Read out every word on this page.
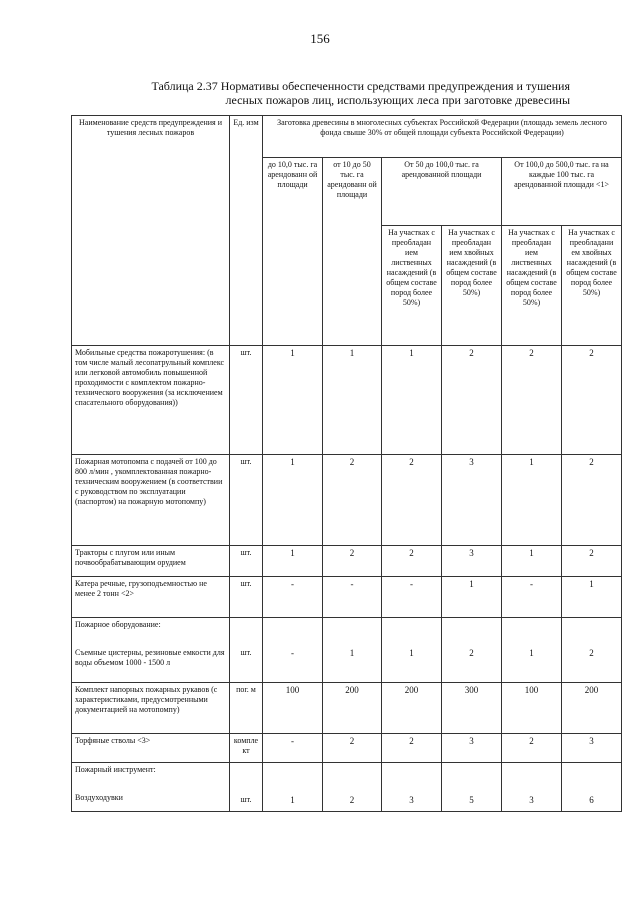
156
Таблица 2.37 Нормативы обеспеченности средствами предупреждения и тушения
лесных пожаров лиц, использующих леса при заготовке древесины
Наименование средств предупреждения и тушения лесных пожаров	Ед. изм	Заготовка древесины в многолесных субъектах Российской Федерации (площадь земель лесного фонда свыше 30% от общей площади субъекта Российской Федерации)					
		до 10,0 тыс. га арендованн ой площади	от 10 до 50 тыс. га арендованн ой площади	От 50 до 100,0 тыс. га арендованной площади		От 100,0 до 500,0 тыс. га на каждые 100 тыс. га арендованной площади <1>	
				На участках с преобладан ием лиственных насаждений (в общем составе пород более 50%)	На участках с преобладан ием хвойных насаждений (в общем составе пород более 50%)	На участках с преобладан ием лиственных насаждений (в общем составе пород более 50%)	На участках с преобладани ем хвойных насаждений (в общем составе пород более 50%)
Мобильные средства пожаротушения: (в том числе малый лесопатрульный комплекс или легковой автомобиль повышенной проходимости с комплектом пожарно-технического вооружения (за исключением спасательного оборудования))	шт.	1	1	1	2	2	2
Пожарная мотопомпа с подачей от 100 до 800 л/мин , укомплектованная пожарно-техническим вооружением (в соответствии с руководством по эксплуатации (паспортом) на пожарную мотопомпу)	шт.	1	2	2	3	1	2
Тракторы с плугом или иным почвообрабатывающим орудием	шт.	1	2	2	3	1	2
Катера речные, грузоподъемностью не менее 2 тонн <2>	шт.	-	-	-	1	-	1
Пожарное оборудование:
Съемные цистерны, резиновые емкости для воды объемом 1000 - 1500 л	шт.	-	1	1	2	1	2
Комплект напорных пожарных рукавов (с характеристиками, предусмотренными документацией на мотопомпу)	пог. м	100	200	200	300	100	200
Торфяные стволы <3>	компле кт	-	2	2	3	2	3
Пожарный инструмент:
Воздуходувки	шт.	1	2	3	5	3	6
